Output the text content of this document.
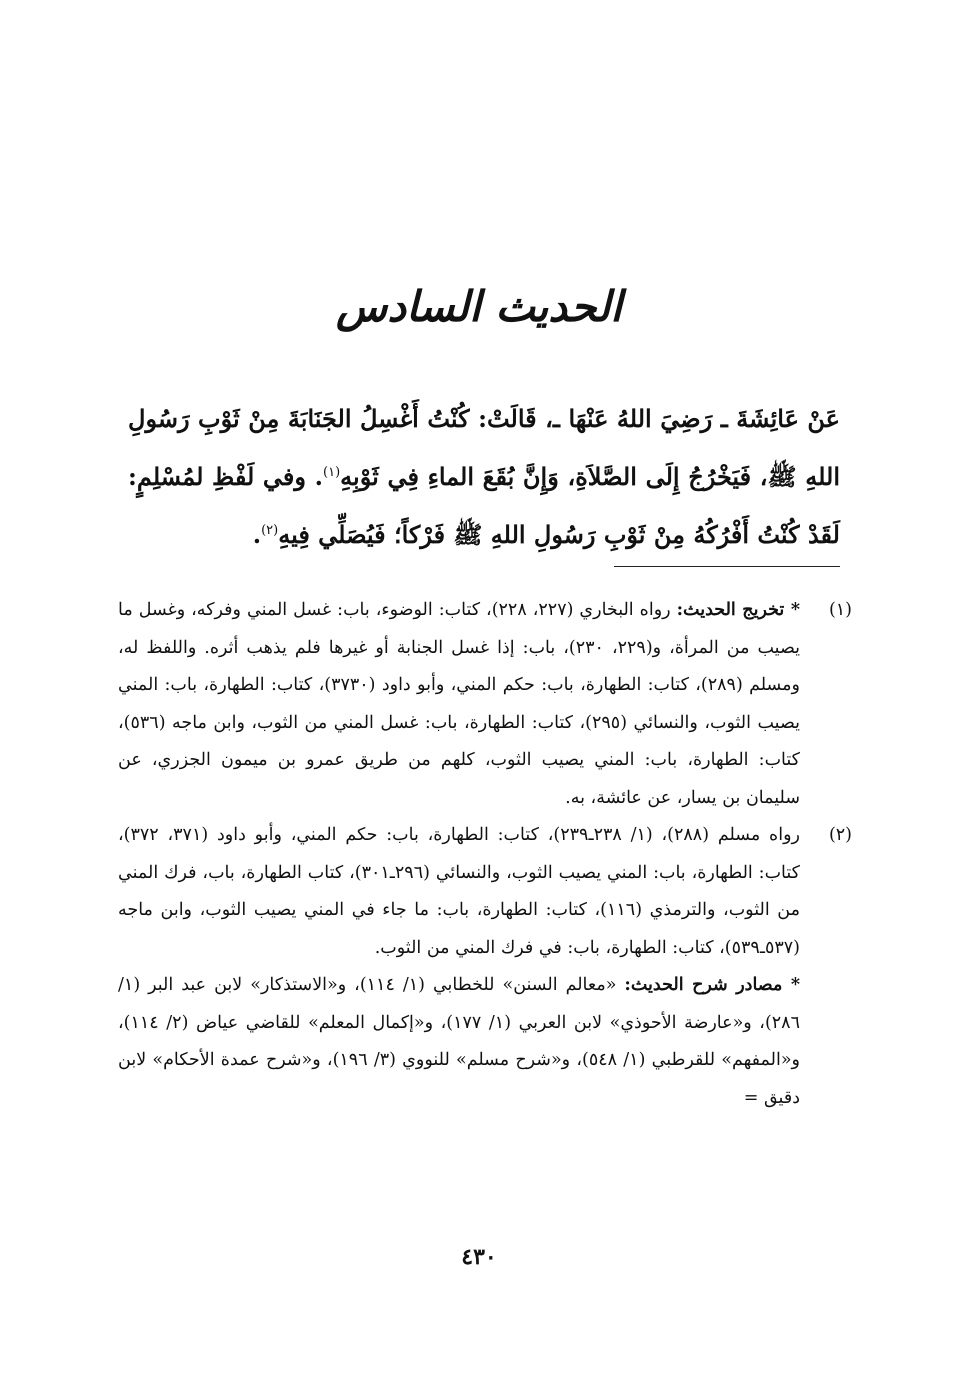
الحديث السادس
عَنْ عَائِشَةَ ـ رَضِيَ اللهُ عَنْهَا ـ، قَالَتْ: كُنْتُ أَغْسِلُ الجَنَابَةَ مِنْ ثَوْبِ رَسُولِ اللهِ ﷺ، فَيَخْرُجُ إِلَى الصَّلاَةِ، وَإِنَّ بُقَعَ الماءِ فِي ثَوْبِهِ$^{(١)}$. وفي لَفْظِ لمُسْلِمٍ: لَقَدْ كُنْتُ أَفْرُكُهُ مِنْ ثَوْبِ رَسُولِ اللهِ ﷺ فَرْكاً؛ فَيُصَلِّي فِيهِ$^{(٢)}$.
(١)
* تخريج الحديث: رواه البخاري (٢٢٧، ٢٢٨)، كتاب: الوضوء، باب: غسل المني وفركه، وغسل ما يصيب من المرأة، و(٢٢٩، ٢٣٠)، باب: إذا غسل الجنابة أو غيرها فلم يذهب أثره. واللفظ له، ومسلم (٢٨٩)، كتاب: الطهارة، باب: حكم المني، وأبو داود (٣٧٣٠)، كتاب: الطهارة، باب: المني يصيب الثوب، والنسائي (٢٩٥)، كتاب: الطهارة، باب: غسل المني من الثوب، وابن ماجه (٥٣٦)، كتاب: الطهارة، باب: المني يصيب الثوب، كلهم من طريق عمرو بن ميمون الجزري، عن سليمان بن يسار، عن عائشة، به.
(٢)
رواه مسلم (٢٨٨)، (١/ ٢٣٨ـ٢٣٩)، كتاب: الطهارة، باب: حكم المني، وأبو داود (٣٧١، ٣٧٢)، كتاب: الطهارة، باب: المني يصيب الثوب، والنسائي (٢٩٦ـ٣٠١)، كتاب الطهارة، باب، فرك المني من الثوب، والترمذي (١١٦)، كتاب: الطهارة، باب: ما جاء في المني يصيب الثوب، وابن ماجه (٥٣٧ـ٥٣٩)، كتاب: الطهارة، باب: في فرك المني من الثوب.
* مصادر شرح الحديث: «معالم السنن» للخطابي (١/ ١١٤)، و«الاستذكار» لابن عبد البر (١/ ٢٨٦)، و«عارضة الأحوذي» لابن العربي (١/ ١٧٧)، و«إكمال المعلم» للقاضي عياض (٢/ ١١٤)، و«المفهم» للقرطبي (١/ ٥٤٨)، و«شرح مسلم» للنووي (٣/ ١٩٦)، و«شرح عمدة الأحكام» لابن دقيق =
٤٣٠
